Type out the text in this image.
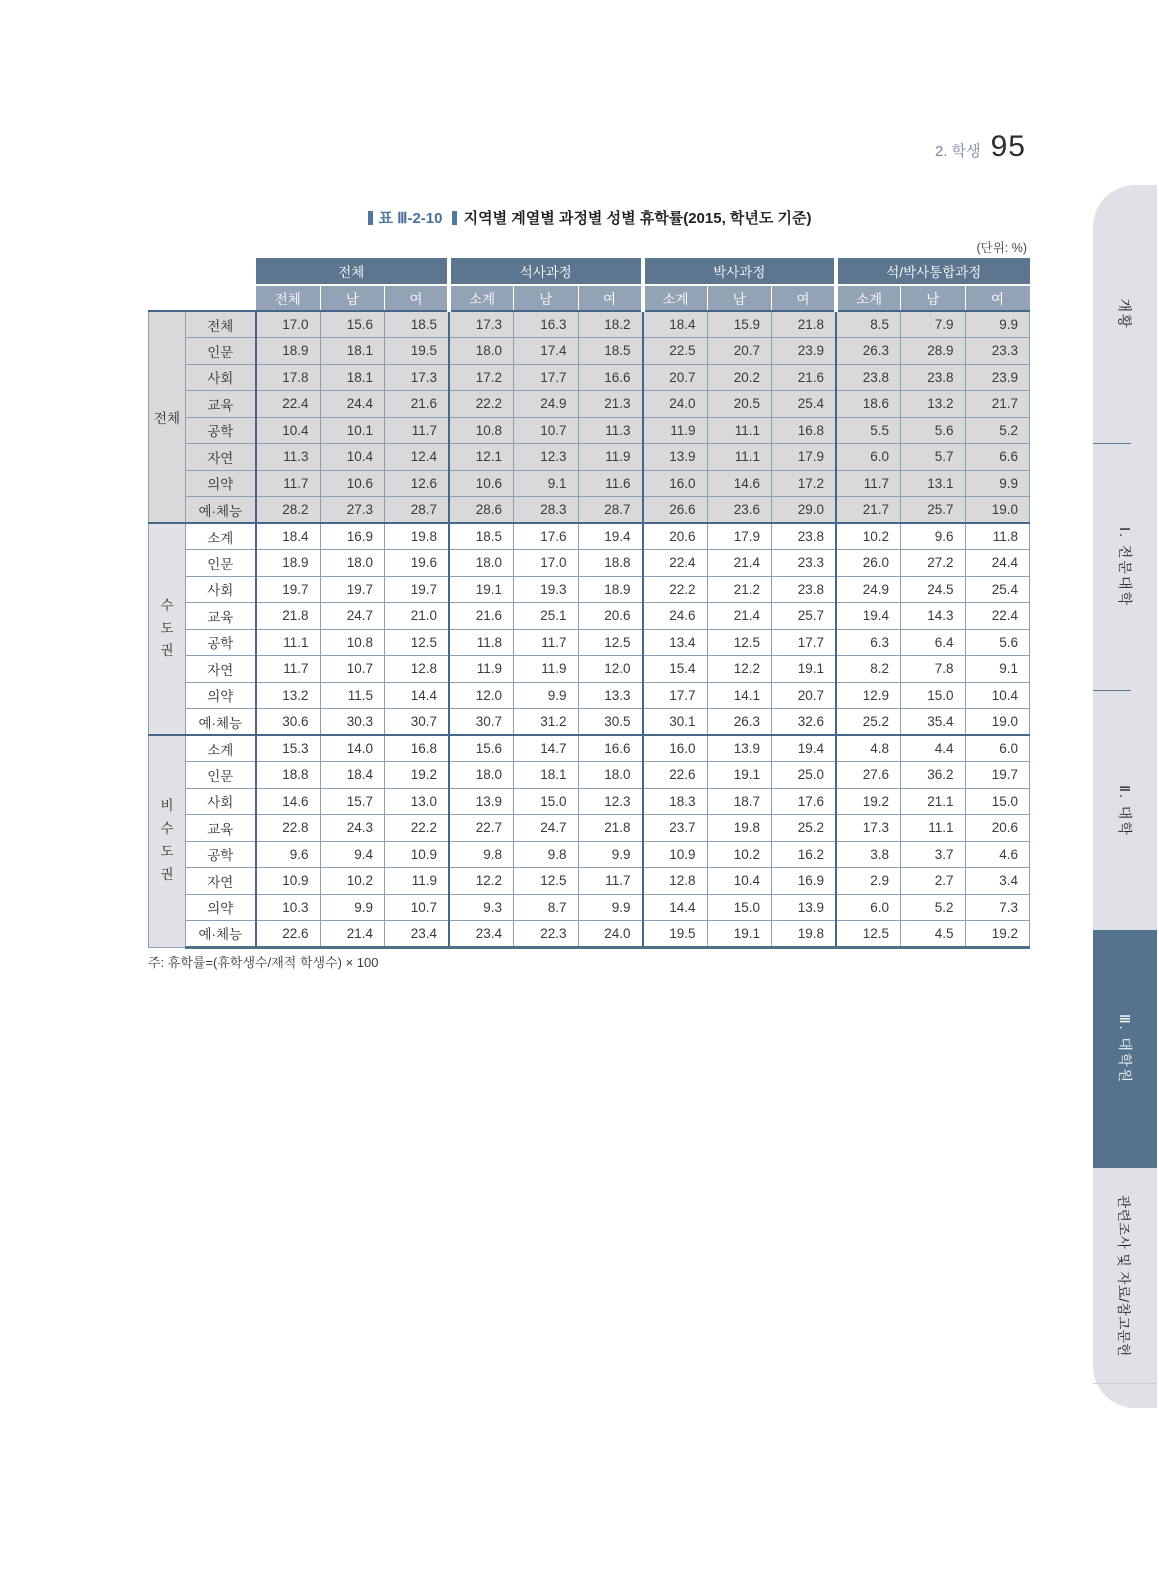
2. 학생 95
표 Ⅲ-2-10 지역별 계열별 과정별 성별 휴학률(2015, 학년도 기준)
(단위: %)
		전체			석사과정			박사과정			석/박사통합과정		
		전체	남	여	소계	남	여	소계	남	여	소계	남	여
전체	전체	17.0	15.6	18.5	17.3	16.3	18.2	18.4	15.9	21.8	8.5	7.9	9.9
	인문	18.9	18.1	19.5	18.0	17.4	18.5	22.5	20.7	23.9	26.3	28.9	23.3
	사회	17.8	18.1	17.3	17.2	17.7	16.6	20.7	20.2	21.6	23.8	23.8	23.9
	교육	22.4	24.4	21.6	22.2	24.9	21.3	24.0	20.5	25.4	18.6	13.2	21.7
	공학	10.4	10.1	11.7	10.8	10.7	11.3	11.9	11.1	16.8	5.5	5.6	5.2
	자연	11.3	10.4	12.4	12.1	12.3	11.9	13.9	11.1	17.9	6.0	5.7	6.6
	의약	11.7	10.6	12.6	10.6	9.1	11.6	16.0	14.6	17.2	11.7	13.1	9.9
	예·체능	28.2	27.3	28.7	28.6	28.3	28.7	26.6	23.6	29.0	21.7	25.7	19.0
수도권	소계	18.4	16.9	19.8	18.5	17.6	19.4	20.6	17.9	23.8	10.2	9.6	11.8
	인문	18.9	18.0	19.6	18.0	17.0	18.8	22.4	21.4	23.3	26.0	27.2	24.4
	사회	19.7	19.7	19.7	19.1	19.3	18.9	22.2	21.2	23.8	24.9	24.5	25.4
	교육	21.8	24.7	21.0	21.6	25.1	20.6	24.6	21.4	25.7	19.4	14.3	22.4
	공학	11.1	10.8	12.5	11.8	11.7	12.5	13.4	12.5	17.7	6.3	6.4	5.6
	자연	11.7	10.7	12.8	11.9	11.9	12.0	15.4	12.2	19.1	8.2	7.8	9.1
	의약	13.2	11.5	14.4	12.0	9.9	13.3	17.7	14.1	20.7	12.9	15.0	10.4
	예·체능	30.6	30.3	30.7	30.7	31.2	30.5	30.1	26.3	32.6	25.2	35.4	19.0
비수도권	소계	15.3	14.0	16.8	15.6	14.7	16.6	16.0	13.9	19.4	4.8	4.4	6.0
	인문	18.8	18.4	19.2	18.0	18.1	18.0	22.6	19.1	25.0	27.6	36.2	19.7
	사회	14.6	15.7	13.0	13.9	15.0	12.3	18.3	18.7	17.6	19.2	21.1	15.0
	교육	22.8	24.3	22.2	22.7	24.7	21.8	23.7	19.8	25.2	17.3	11.1	20.6
	공학	9.6	9.4	10.9	9.8	9.8	9.9	10.9	10.2	16.2	3.8	3.7	4.6
	자연	10.9	10.2	11.9	12.2	12.5	11.7	12.8	10.4	16.9	2.9	2.7	3.4
	의약	10.3	9.9	10.7	9.3	8.7	9.9	14.4	15.0	13.9	6.0	5.2	7.3
	예·체능	22.6	21.4	23.4	23.4	22.3	24.0	19.5	19.1	19.8	12.5	4.5	19.2
주: 휴학률=(휴학생수/재적 학생수) × 100
개황
Ⅰ. 전문대학
Ⅱ. 대학
Ⅲ. 대학원
관련조사 및 자료/참고문헌
